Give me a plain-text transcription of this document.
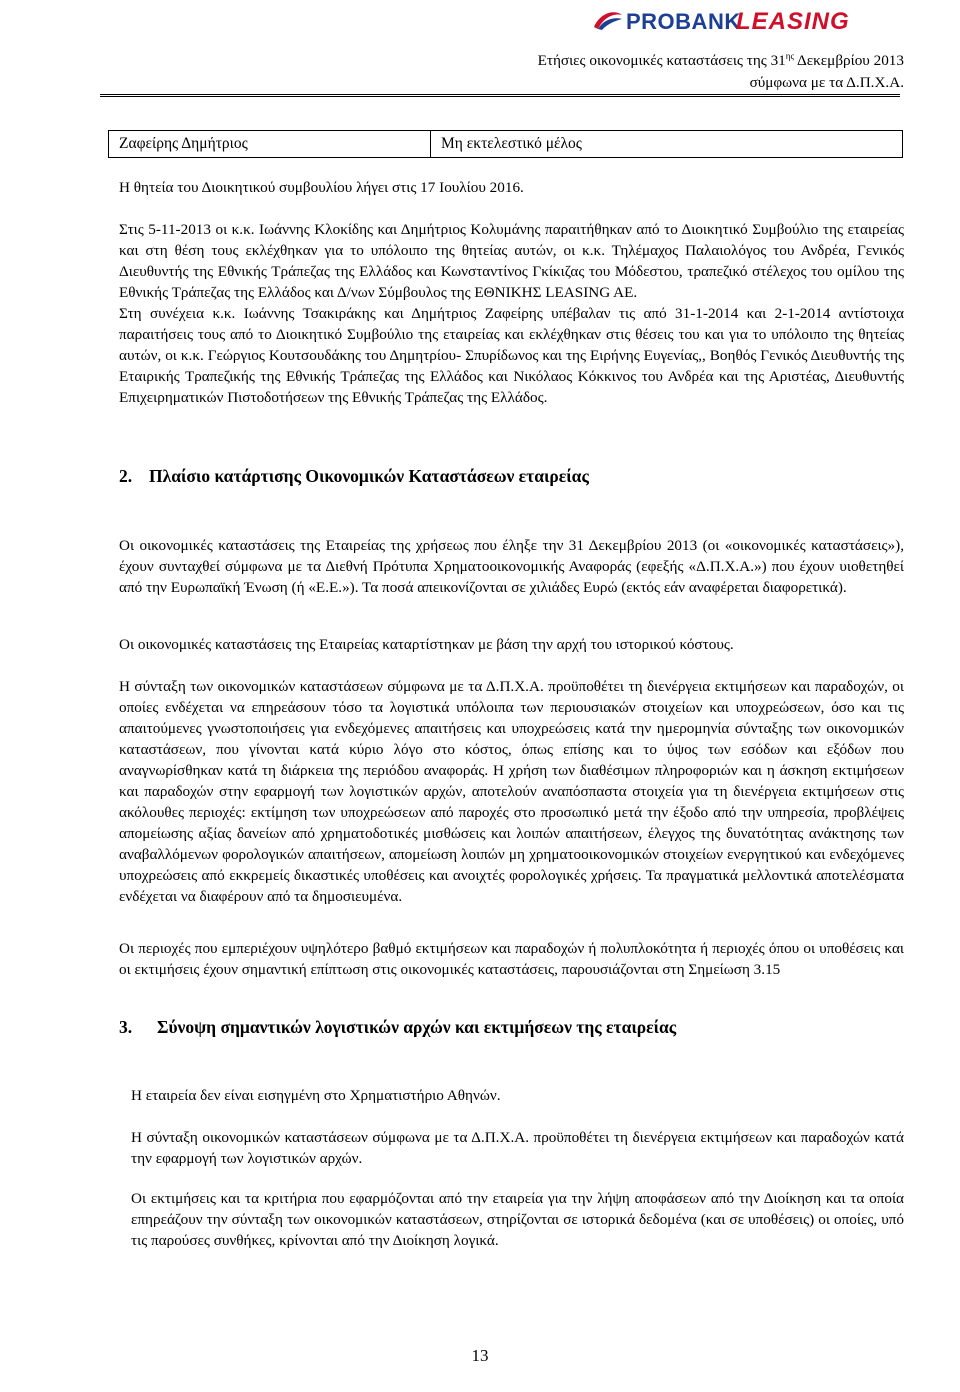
PROBANK
LEASING
Ετήσιες οικονομικές καταστάσεις της $31^{\eta\varsigma}$ Δεκεμβρίου 2013
σύμφωνα με τα Δ.Π.Χ.Α.
Ζαφείρης Δημήτριος	Μη εκτελεστικό μέλος
Η θητεία του Διοικητικού συμβουλίου λήγει στις 17 Ιουλίου 2016.

Στις 5-11-2013 οι κ.κ. Ιωάννης Κλοκίδης και Δημήτριος Κολυμάνης παραιτήθηκαν από το Διοικητικό Συμβούλιο της εταιρείας και στη θέση τους εκλέχθηκαν για το υπόλοιπο της θητείας αυτών, οι κ.κ. Τηλέμαχος Παλαιολόγος του Ανδρέα, Γενικός Διευθυντής της Εθνικής Τράπεζας της Ελλάδος και Κωνσταντίνος Γκίκιζας του Μόδεστου, τραπεζικό στέλεχος του ομίλου της Εθνικής Τράπεζας της Ελλάδος και Δ/νων Σύμβουλος της ΕΘΝΙΚΗΣ LEASING AE.

Στη συνέχεια κ.κ. Ιωάννης Τσακιράκης και Δημήτριος Ζαφείρης υπέβαλαν τις από 31-1-2014 και 2-1-2014 αντίστοιχα παραιτήσεις τους από το Διοικητικό Συμβούλιο της εταιρείας και εκλέχθηκαν στις θέσεις του και για το υπόλοιπο της θητείας αυτών, οι κ.κ. Γεώργιος Κουτσουδάκης του Δημητρίου- Σπυρίδωνος και της Ειρήνης Ευγενίας,, Βοηθός Γενικός Διευθυντής της Εταιρικής Τραπεζικής της Εθνικής Τράπεζας της Ελλάδος και Νικόλαος Κόκκινος του Ανδρέα και της Αριστέας, Διευθυντής Επιχειρηματικών Πιστοδοτήσεων της Εθνικής Τράπεζας της Ελλάδος.

2. Πλαίσιο κατάρτισης Οικονομικών Καταστάσεων εταιρείας
Οι οικονομικές καταστάσεις της Εταιρείας της χρήσεως που έληξε την 31 Δεκεμβρίου 2013 (οι «οικονομικές καταστάσεις»), έχουν συνταχθεί σύμφωνα με τα Διεθνή Πρότυπα Χρηματοοικονομικής Αναφοράς (εφεξής «Δ.Π.Χ.Α.») που έχουν υιοθετηθεί από την Ευρωπαϊκή Ένωση (ή «Ε.Ε.»). Τα ποσά απεικονίζονται σε χιλιάδες Ευρώ (εκτός εάν αναφέρεται διαφορετικά).
Οι οικονομικές καταστάσεις της Εταιρείας καταρτίστηκαν με βάση την αρχή του ιστορικού κόστους.
Η σύνταξη των οικονομικών καταστάσεων σύμφωνα με τα Δ.Π.Χ.Α. προϋποθέτει τη διενέργεια εκτιμήσεων και παραδοχών, οι οποίες ενδέχεται να επηρεάσουν τόσο τα λογιστικά υπόλοιπα των περιουσιακών στοιχείων και υποχρεώσεων, όσο και τις απαιτούμενες γνωστοποιήσεις για ενδεχόμενες απαιτήσεις και υποχρεώσεις κατά την ημερομηνία σύνταξης των οικονομικών καταστάσεων, που γίνονται κατά κύριο λόγο στο κόστος, όπως επίσης και το ύψος των εσόδων και εξόδων που αναγνωρίσθηκαν κατά τη διάρκεια της περιόδου αναφοράς. Η χρήση των διαθέσιμων πληροφοριών και η άσκηση εκτιμήσεων και παραδοχών στην εφαρμογή των λογιστικών αρχών, αποτελούν αναπόσπαστα στοιχεία για τη διενέργεια εκτιμήσεων στις ακόλουθες περιοχές: εκτίμηση των υποχρεώσεων από παροχές στο προσωπικό μετά την έξοδο από την υπηρεσία, προβλέψεις απομείωσης αξίας δανείων από χρηματοδοτικές μισθώσεις και λοιπών απαιτήσεων, έλεγχος της δυνατότητας ανάκτησης των αναβαλλόμενων φορολογικών απαιτήσεων, απομείωση λοιπών μη χρηματοοικονομικών στοιχείων ενεργητικού και ενδεχόμενες υποχρεώσεις από εκκρεμείς δικαστικές υποθέσεις και ανοιχτές φορολογικές χρήσεις. Τα πραγματικά μελλοντικά αποτελέσματα ενδέχεται να διαφέρουν από τα δημοσιευμένα.
Οι περιοχές που εμπεριέχουν υψηλότερο βαθμό εκτιμήσεων και παραδοχών ή πολυπλοκότητα ή περιοχές όπου οι υποθέσεις και οι εκτιμήσεις έχουν σημαντική επίπτωση στις οικονομικές καταστάσεις, παρουσιάζονται στη Σημείωση 3.15
3. Σύνοψη σημαντικών λογιστικών αρχών και εκτιμήσεων της εταιρείας
Η εταιρεία δεν είναι εισηγμένη στο Χρηματιστήριο Αθηνών.
Η σύνταξη οικονομικών καταστάσεων σύμφωνα με τα Δ.Π.Χ.Α. προϋποθέτει τη διενέργεια εκτιμήσεων και παραδοχών κατά την εφαρμογή των λογιστικών αρχών.
Οι εκτιμήσεις και τα κριτήρια που εφαρμόζονται από την εταιρεία για την λήψη αποφάσεων από την Διοίκηση και τα οποία επηρεάζουν την σύνταξη των οικονομικών καταστάσεων, στηρίζονται σε ιστορικά δεδομένα (και σε υποθέσεις) οι οποίες, υπό τις παρούσες συνθήκες, κρίνονται από την Διοίκηση λογικά.
13
